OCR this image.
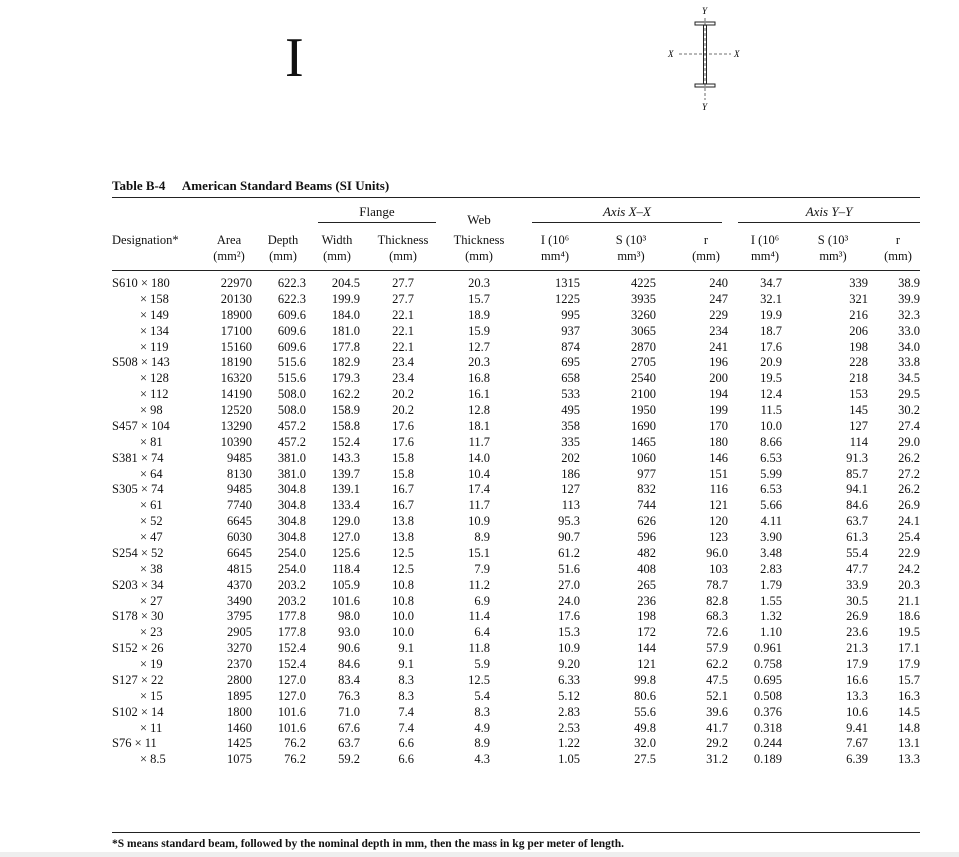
I
Y
Y
X	X
Table B-4 American Standard Beams (SI Units)
Flange
Web
Axis X–X	Axis Y–Y
Designation*	Area
(mm²)
Depth
(mm)
Width
(mm)
Thickness
(mm)
Thickness
(mm)
I (10⁶
mm⁴)
S (10³
mm³)
r
(mm)
I (10⁶
mm⁴)
S (10³
mm³)
r
(mm)
S610 × 180	22970 622.3 204.5	27.7	20.3	1315	4225	240	34.7	339 38.9
× 158	20130 622.3 199.9	27.7	15.7	1225	3935	247	32.1	321 39.9
× 149	18900 609.6 184.0	22.1	18.9	995	3260	229	19.9	216 32.3
× 134	17100 609.6 181.0	22.1	15.9	937	3065	234	18.7	206 33.0
× 119	15160 609.6 177.8	22.1	12.7	874	2870	241	17.6	198 34.0
S508 × 143	18190 515.6 182.9	23.4	20.3	695	2705	196	20.9	228 33.8
× 128	16320 515.6 179.3	23.4	16.8	658	2540	200	19.5	218 34.5
× 112	14190 508.0 162.2	20.2	16.1	533	2100	194	12.4	153 29.5
× 98	12520 508.0 158.9	20.2	12.8	495	1950	199	11.5	145 30.2
S457 × 104	13290 457.2 158.8	17.6	18.1	358	1690	170	10.0	127 27.4
× 81	10390 457.2 152.4	17.6	11.7	335	1465	180	8.66	114 29.0
S381 × 74	9485 381.0 143.3	15.8	14.0	202	1060	146	6.53	91.3 26.2
× 64	8130 381.0 139.7	15.8	10.4	186	977	151	5.99	85.7 27.2
S305 × 74	9485 304.8 139.1	16.7	17.4	127	832	116	6.53	94.1 26.2
× 61	7740 304.8 133.4	16.7	11.7	113	744	121	5.66	84.6 26.9
× 52	6645 304.8 129.0	13.8	10.9	95.3	626	120	4.11	63.7 24.1
× 47	6030 304.8 127.0	13.8	8.9	90.7	596	123	3.90	61.3 25.4
S254 × 52	6645 254.0 125.6	12.5	15.1	61.2	482	96.0	3.48	55.4 22.9
× 38	4815 254.0 118.4	12.5	7.9	51.6	408	103	2.83	47.7 24.2
S203 × 34	4370 203.2 105.9	10.8	11.2	27.0	265	78.7	1.79	33.9 20.3
× 27	3490 203.2 101.6	10.8	6.9	24.0	236	82.8	1.55	30.5 21.1
S178 × 30	3795 177.8	98.0	10.0	11.4	17.6	198	68.3	1.32	26.9 18.6
× 23	2905 177.8	93.0	10.0	6.4	15.3	172	72.6	1.10	23.6 19.5
S152 × 26	3270 152.4	90.6	9.1	11.8	10.9	144	57.9 0.961	21.3 17.1
× 19	2370 152.4	84.6	9.1	5.9	9.20	121	62.2 0.758	17.9 17.9
S127 × 22	2800 127.0	83.4	8.3	12.5	6.33	99.8	47.5 0.695	16.6 15.7
× 15	1895 127.0	76.3	8.3	5.4	5.12	80.6	52.1 0.508	13.3 16.3
S102 × 14	1800 101.6	71.0	7.4	8.3	2.83	55.6	39.6 0.376	10.6 14.5
× 11	1460 101.6	67.6	7.4	4.9	2.53	49.8	41.7 0.318	9.41 14.8
S76 × 11	1425	76.2	63.7	6.6	8.9	1.22	32.0	29.2 0.244	7.67 13.1
× 8.5	1075	76.2	59.2	6.6	4.3	1.05	27.5	31.2 0.189	6.39 13.3
*S means standard beam, followed by the nominal depth in mm, then the mass in kg per meter of length.
